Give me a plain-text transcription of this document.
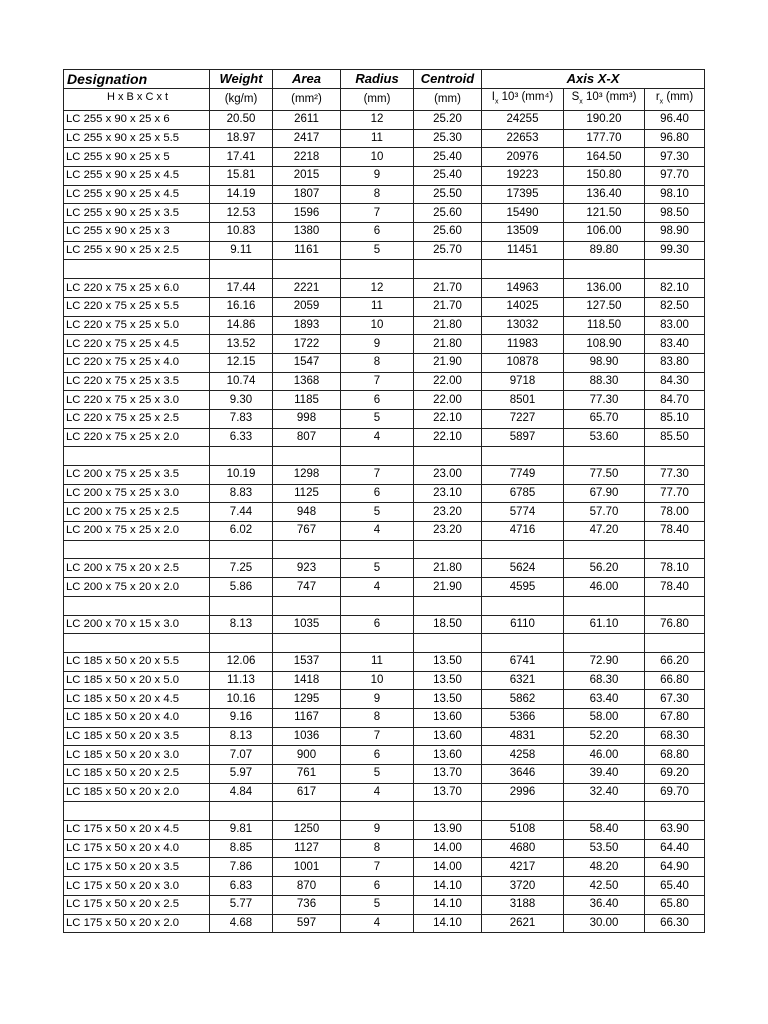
Designation	Weight	Area	Radius	Centroid	Axis X-X		
H x B x C x t	(kg/m)	(mm²)	(mm)	(mm)	$I_x$ 10³ (mm⁴)	$S_x$ 10³ (mm³)	$r_x$ (mm)
LC 255 x 90 x 25 x 6	20.50	2611	12	25.20	24255	190.20	96.40
LC 255 x 90 x 25 x 5.5	18.97	2417	11	25.30	22653	177.70	96.80
LC 255 x 90 x 25 x 5	17.41	2218	10	25.40	20976	164.50	97.30
LC 255 x 90 x 25 x 4.5	15.81	2015	9	25.40	19223	150.80	97.70
LC 255 x 90 x 25 x 4.5	14.19	1807	8	25.50	17395	136.40	98.10
LC 255 x 90 x 25 x 3.5	12.53	1596	7	25.60	15490	121.50	98.50
LC 255 x 90 x 25 x 3	10.83	1380	6	25.60	13509	106.00	98.90
LC 255 x 90 x 25 x 2.5	9.11	1161	5	25.70	11451	89.80	99.30

LC 220 x 75 x 25 x 6.0	17.44	2221	12	21.70	14963	136.00	82.10
LC 220 x 75 x 25 x 5.5	16.16	2059	11	21.70	14025	127.50	82.50
LC 220 x 75 x 25 x 5.0	14.86	1893	10	21.80	13032	118.50	83.00
LC 220 x 75 x 25 x 4.5	13.52	1722	9	21.80	11983	108.90	83.40
LC 220 x 75 x 25 x 4.0	12.15	1547	8	21.90	10878	98.90	83.80
LC 220 x 75 x 25 x 3.5	10.74	1368	7	22.00	9718	88.30	84.30
LC 220 x 75 x 25 x 3.0	9.30	1185	6	22.00	8501	77.30	84.70
LC 220 x 75 x 25 x 2.5	7.83	998	5	22.10	7227	65.70	85.10
LC 220 x 75 x 25 x 2.0	6.33	807	4	22.10	5897	53.60	85.50

LC 200 x 75 x 25 x 3.5	10.19	1298	7	23.00	7749	77.50	77.30
LC 200 x 75 x 25 x 3.0	8.83	1125	6	23.10	6785	67.90	77.70
LC 200 x 75 x 25 x 2.5	7.44	948	5	23.20	5774	57.70	78.00
LC 200 x 75 x 25 x 2.0	6.02	767	4	23.20	4716	47.20	78.40

LC 200 x 75 x 20 x 2.5	7.25	923	5	21.80	5624	56.20	78.10
LC 200 x 75 x 20 x 2.0	5.86	747	4	21.90	4595	46.00	78.40

LC 200 x 70 x 15 x 3.0	8.13	1035	6	18.50	6110	61.10	76.80

LC 185 x 50 x 20 x 5.5	12.06	1537	11	13.50	6741	72.90	66.20
LC 185 x 50 x 20 x 5.0	11.13	1418	10	13.50	6321	68.30	66.80
LC 185 x 50 x 20 x 4.5	10.16	1295	9	13.50	5862	63.40	67.30
LC 185 x 50 x 20 x 4.0	9.16	1167	8	13.60	5366	58.00	67.80
LC 185 x 50 x 20 x 3.5	8.13	1036	7	13.60	4831	52.20	68.30
LC 185 x 50 x 20 x 3.0	7.07	900	6	13.60	4258	46.00	68.80
LC 185 x 50 x 20 x 2.5	5.97	761	5	13.70	3646	39.40	69.20
LC 185 x 50 x 20 x 2.0	4.84	617	4	13.70	2996	32.40	69.70

LC 175 x 50 x 20 x 4.5	9.81	1250	9	13.90	5108	58.40	63.90
LC 175 x 50 x 20 x 4.0	8.85	1127	8	14.00	4680	53.50	64.40
LC 175 x 50 x 20 x 3.5	7.86	1001	7	14.00	4217	48.20	64.90
LC 175 x 50 x 20 x 3.0	6.83	870	6	14.10	3720	42.50	65.40
LC 175 x 50 x 20 x 2.5	5.77	736	5	14.10	3188	36.40	65.80
LC 175 x 50 x 20 x 2.0	4.68	597	4	14.10	2621	30.00	66.30
